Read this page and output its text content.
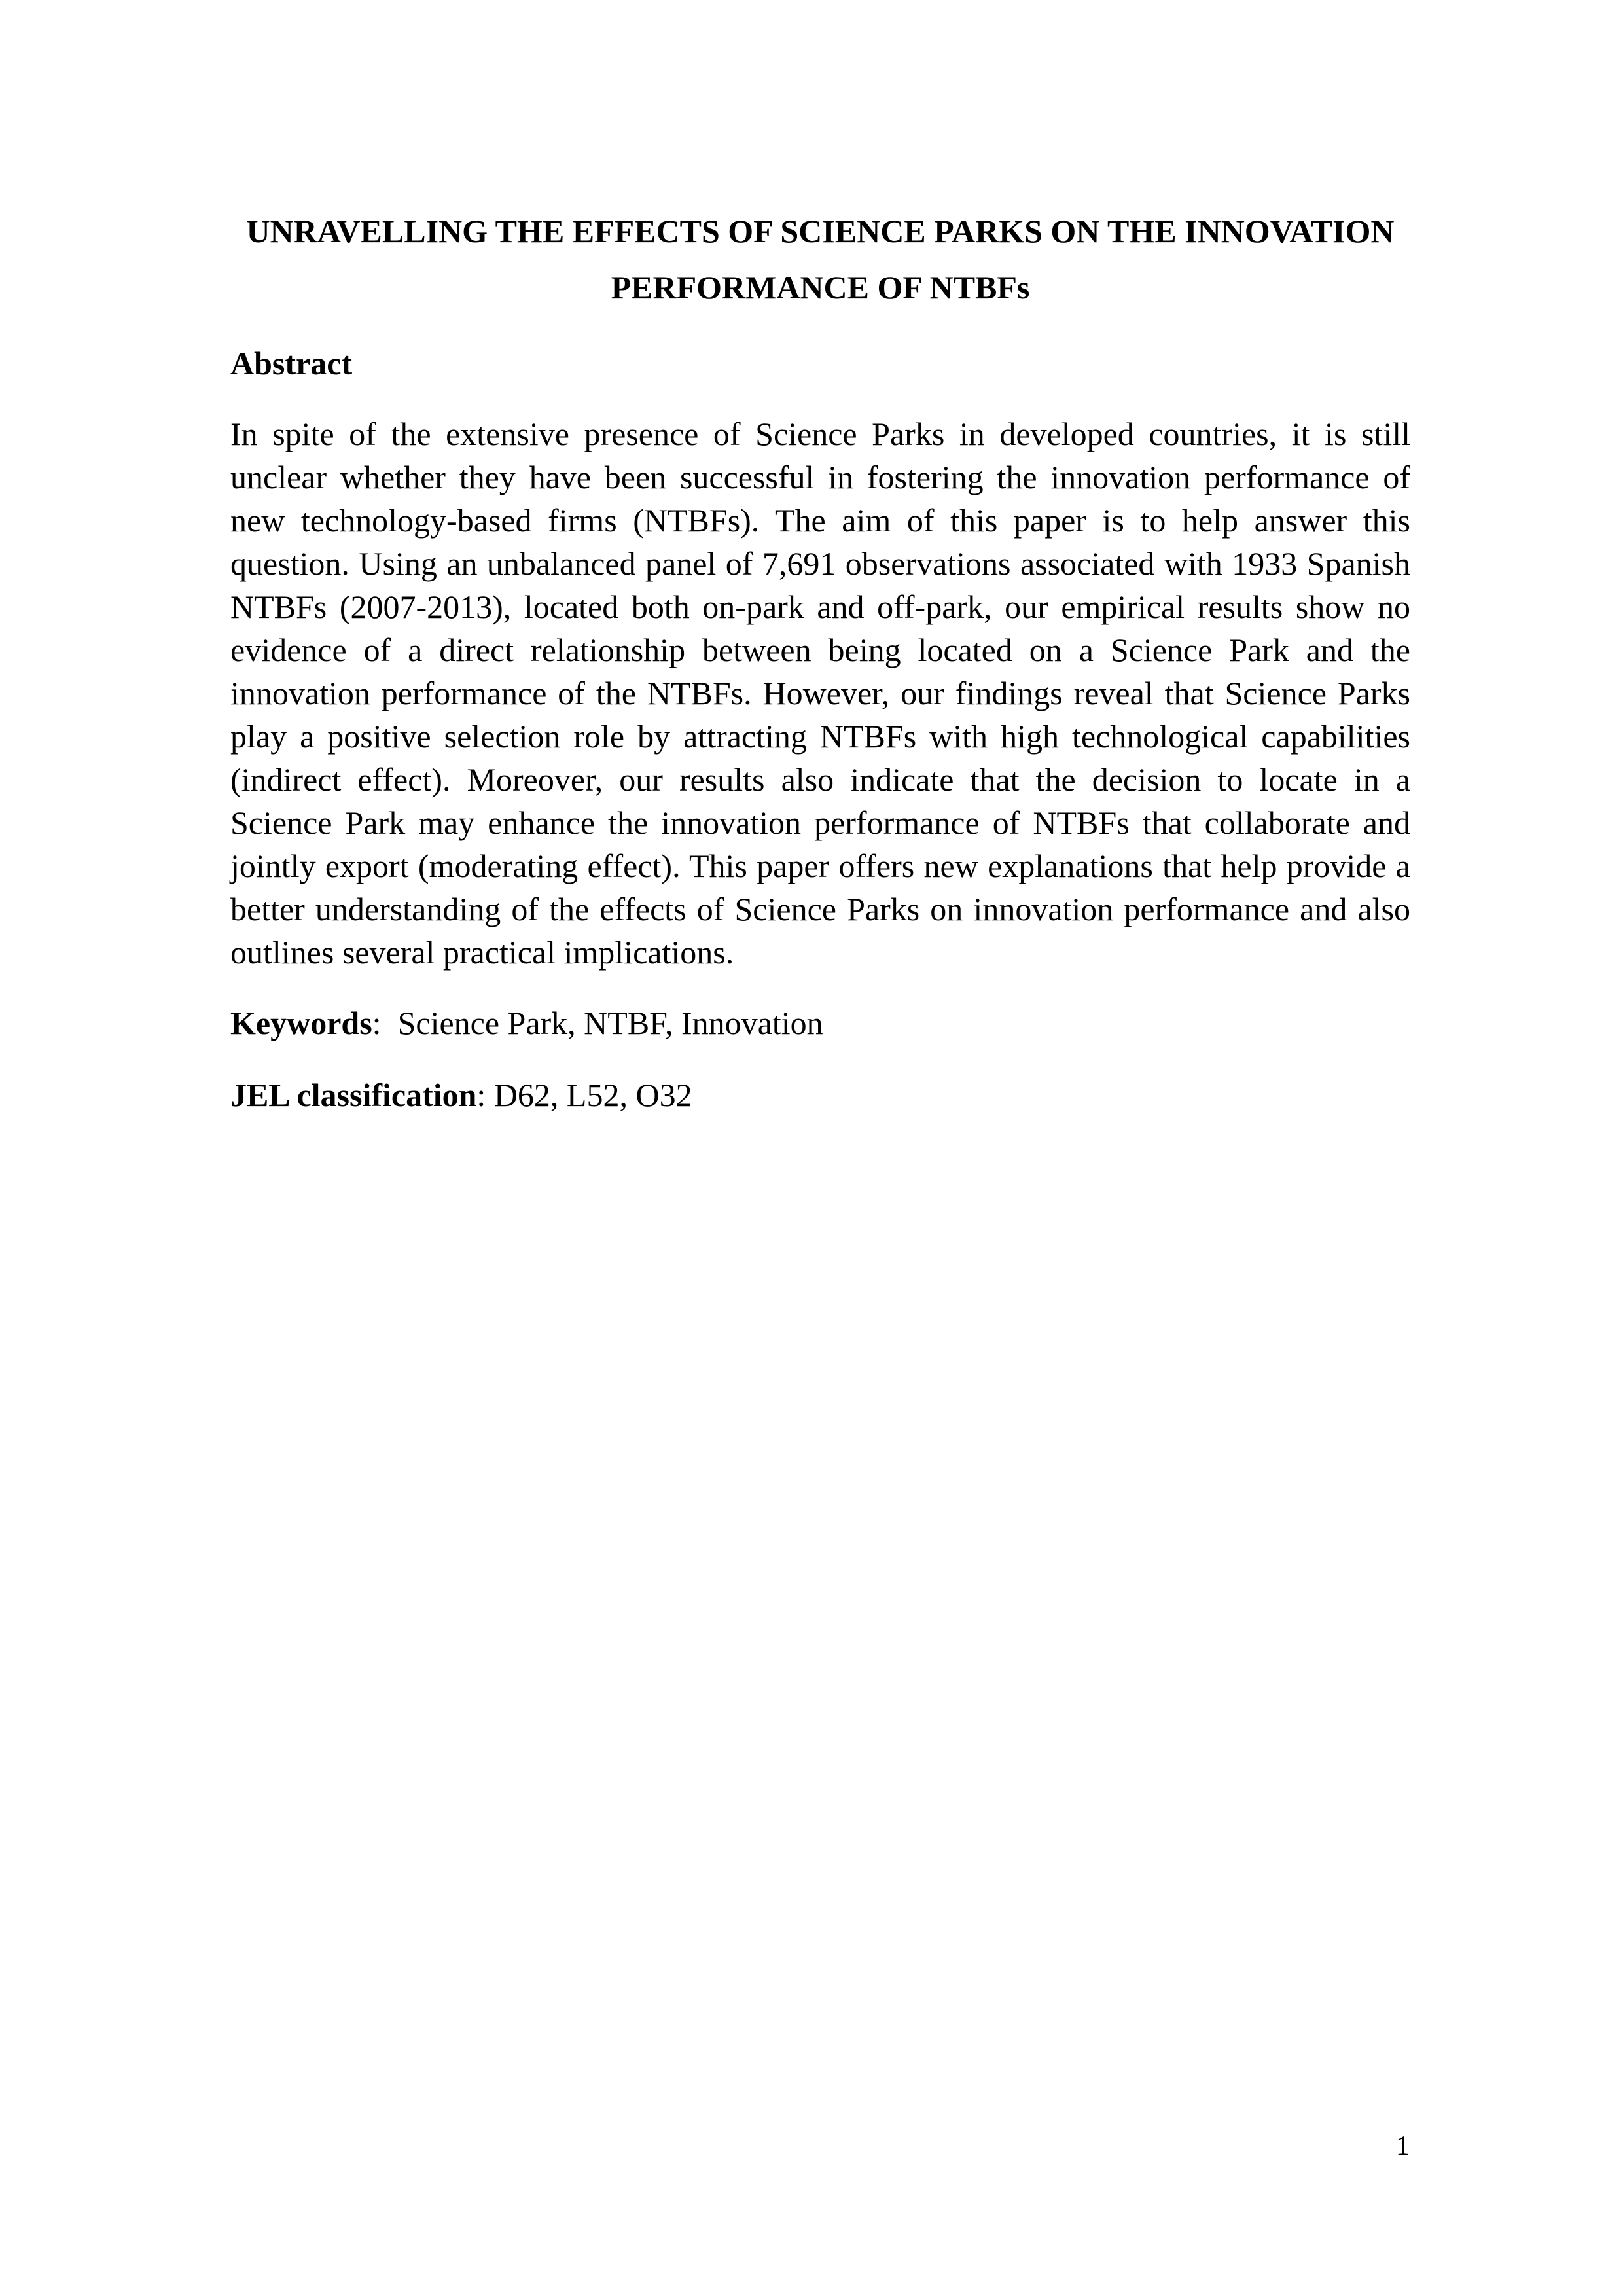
UNRAVELLING THE EFFECTS OF SCIENCE PARKS ON THE INNOVATION
PERFORMANCE OF NTBFs
Abstract

In spite of the extensive presence of Science Parks in developed countries, it is still unclear whether they have been successful in fostering the innovation performance of new technology-based firms (NTBFs). The aim of this paper is to help answer this question. Using an unbalanced panel of 7,691 observations associated with 1933 Spanish NTBFs (2007-2013), located both on-park and off-park, our empirical results show no evidence of a direct relationship between being located on a Science Park and the innovation performance of the NTBFs. However, our findings reveal that Science Parks play a positive selection role by attracting NTBFs with high technological capabilities (indirect effect). Moreover, our results also indicate that the decision to locate in a Science Park may enhance the innovation performance of NTBFs that collaborate and jointly export (moderating effect). This paper offers new explanations that help provide a better understanding of the effects of Science Parks on innovation performance and also outlines several practical implications.

Keywords:  Science Park, NTBF, Innovation

JEL classification: D62, L52, O32

1
